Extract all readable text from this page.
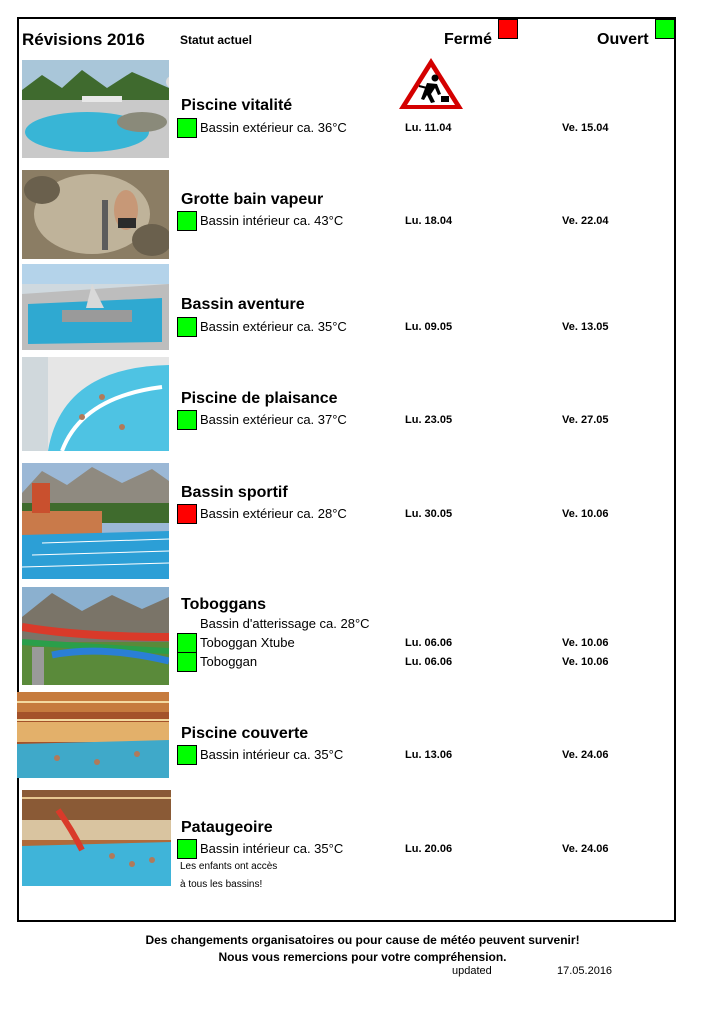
Révisions 2016	Statut actuel	Fermé	Ouvert
Piscine vitalité
Bassin extérieur ca. 36°C	Lu. 11.04	Ve. 15.04
Grotte bain vapeur
Bassin intérieur ca. 43°C	Lu. 18.04	Ve. 22.04
Bassin aventure
Bassin extérieur ca. 35°C	Lu. 09.05	Ve. 13.05
Piscine de plaisance
Bassin extérieur ca. 37°C	Lu. 23.05	Ve. 27.05
Bassin sportif
Bassin extérieur ca. 28°C	Lu. 30.05	Ve. 10.06
Toboggans
Bassin d'atterissage ca. 28°C
Toboggan Xtube	Lu. 06.06	Ve. 10.06
Toboggan	Lu. 06.06	Ve. 10.06
Piscine couverte
Bassin intérieur ca. 35°C	Lu. 13.06	Ve. 24.06
Pataugeoire
Bassin intérieur ca. 35°C	Lu. 20.06	Ve. 24.06
Les enfants ont accès
à tous les bassins!
Des changements organisatoires ou pour cause de météo peuvent survenir!
Nous vous remercions pour votre compréhension.
updated	17.05.2016
